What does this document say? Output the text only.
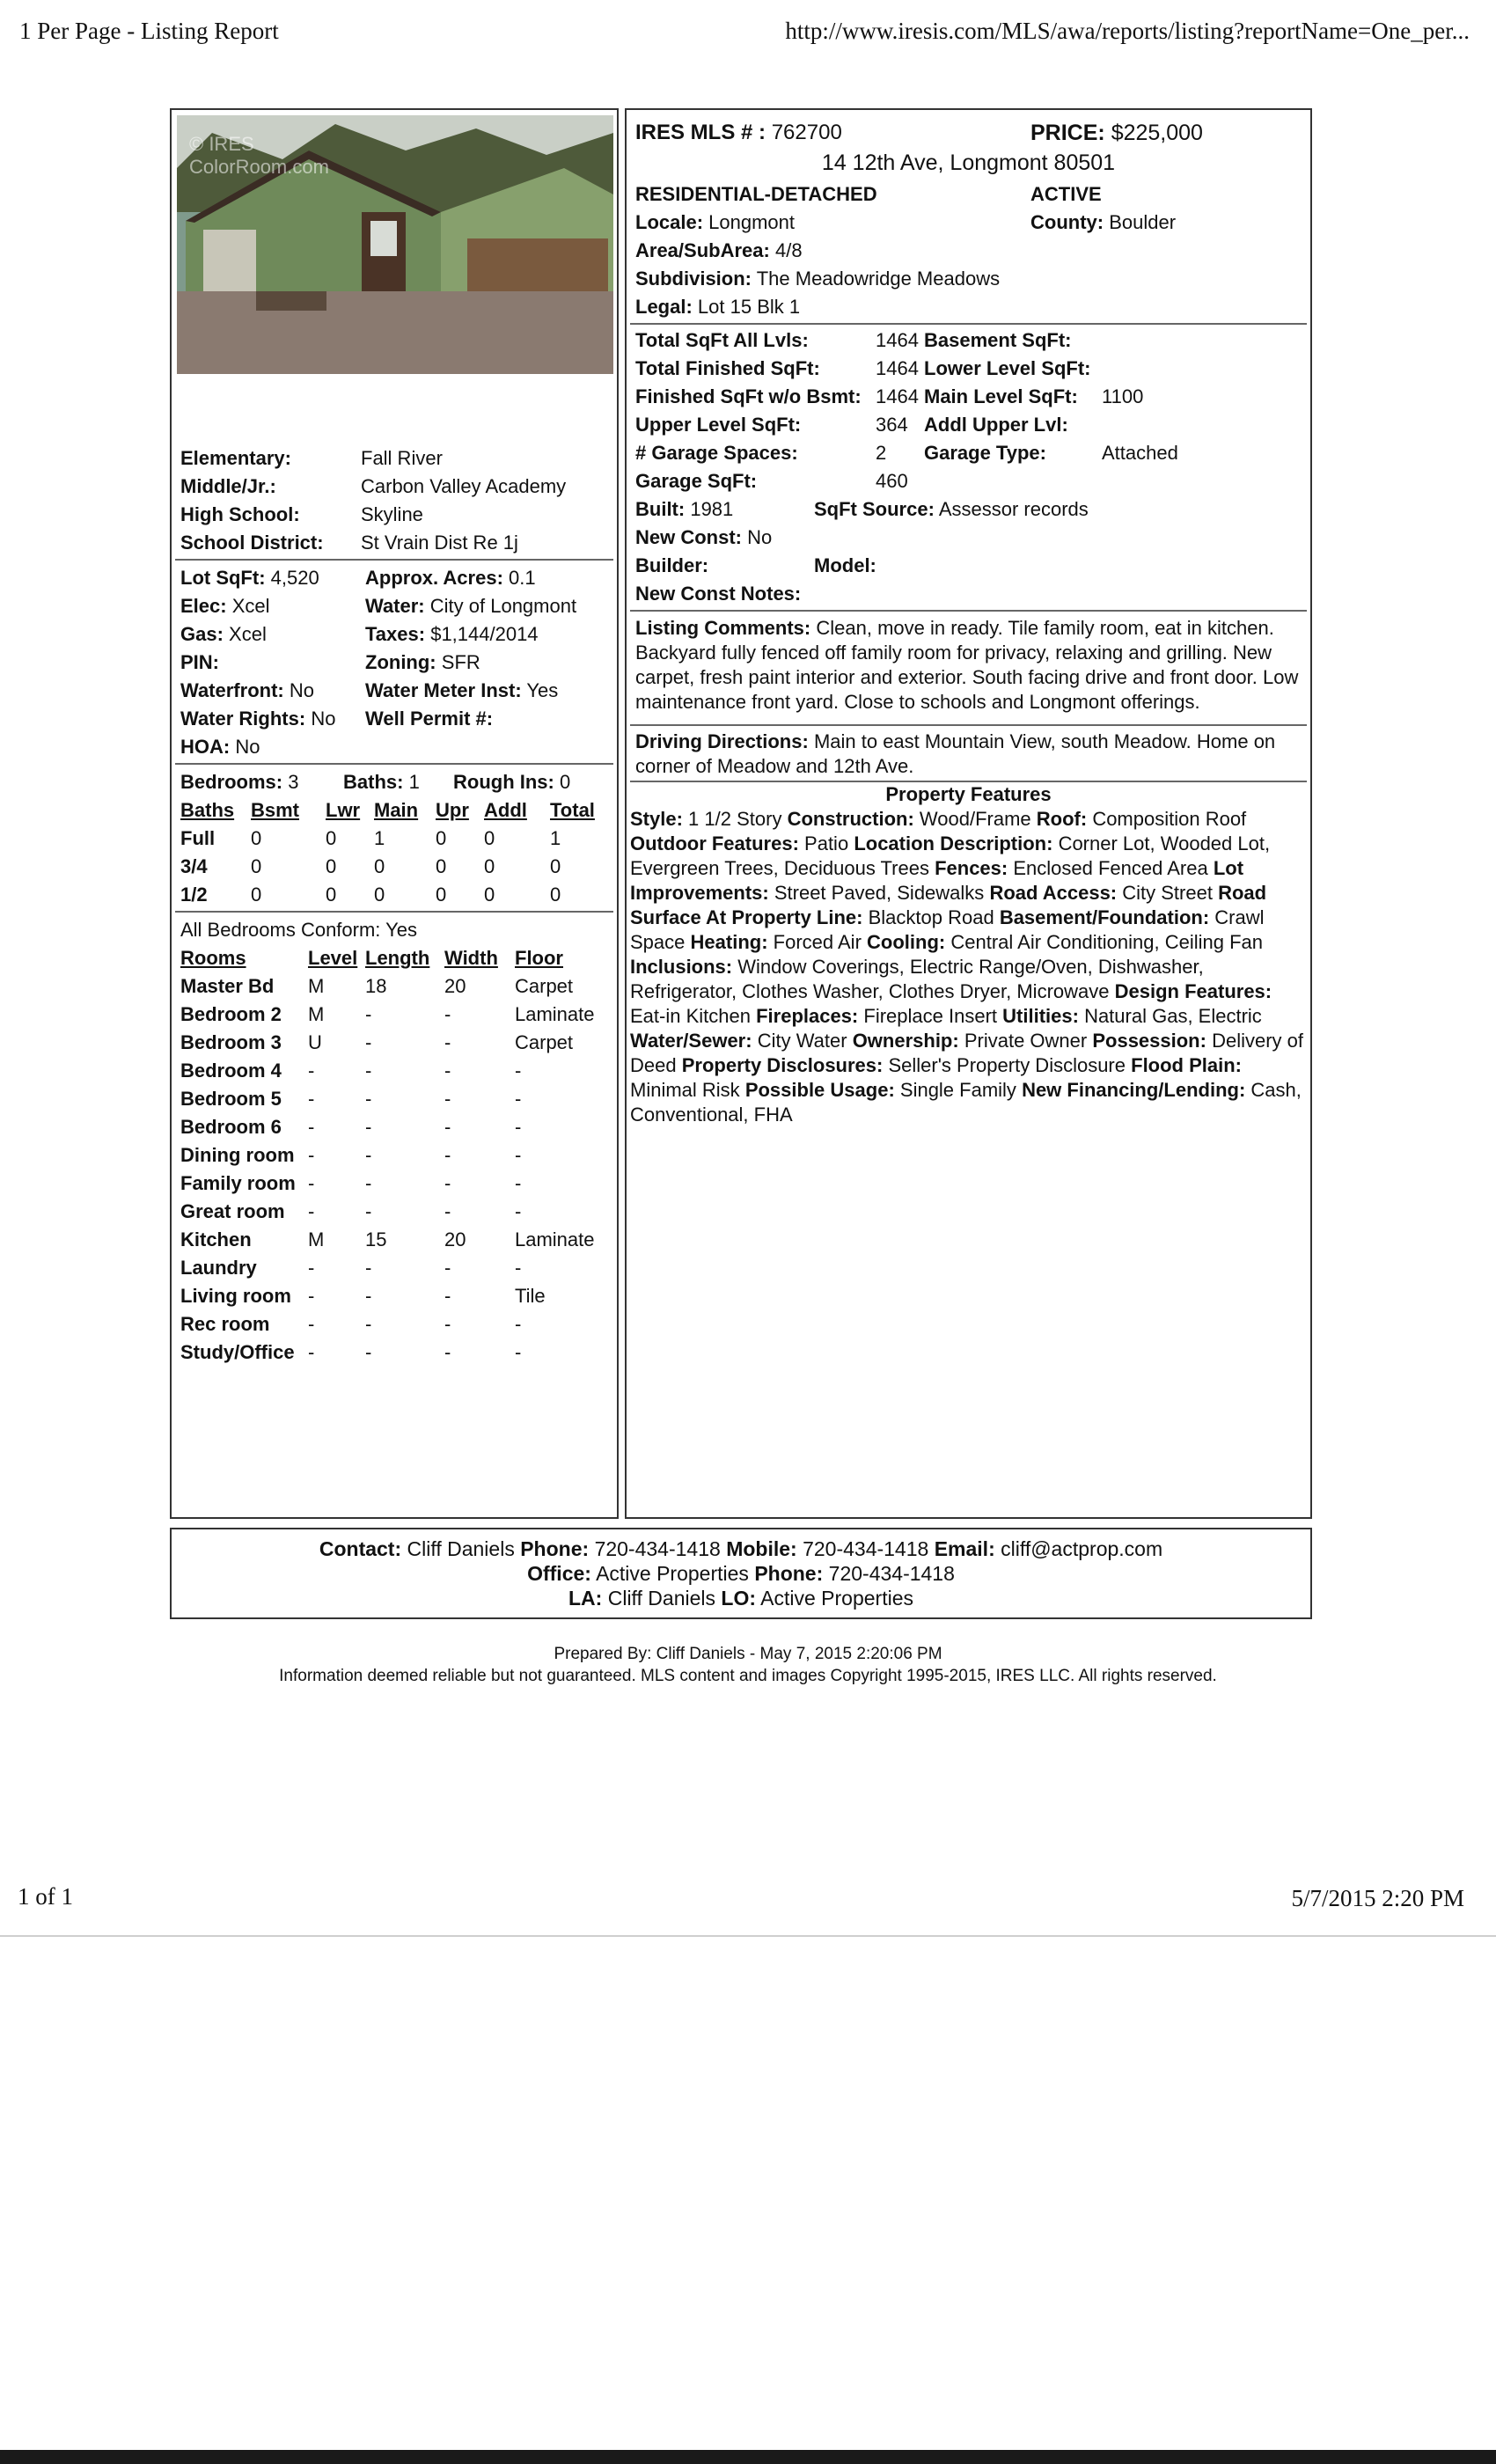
1 Per Page - Listing Report	http://www.iresis.com/MLS/awa/reports/listing?reportName=One_per...
© IRES
ColorRoom.com
Elementary:	Fall River
Middle/Jr.:	Carbon Valley Academy
High School:	Skyline
School District: St Vrain Dist Re 1j
Lot SqFt: 4,520 Approx. Acres: 0.1
Elec: Xcel	Water: City of Longmont
Gas: Xcel	Taxes: $1,144/2014
PIN:	Zoning: SFR
Waterfront: No	Water Meter Inst: Yes
Water Rights: No Well Permit #:
HOA: No
Bedrooms: 3 Baths: 1 Rough Ins: 0
Baths Bsmt Lwr Main Upr Addl Total
Full 0	0 1	0 0	1
3/4 0	0 0	0 0	0
1/2 0	0 0	0 0	0
All Bedrooms Conform: Yes
Rooms	Level Length Width Floor
Master Bd M 18	20	Carpet
Bedroom 2 M -	-	Laminate
Bedroom 3 U -	-	Carpet
Bedroom 4 -	-	-	-
Bedroom 5 -	-	-	-
Bedroom 6 -	-	-	-
Dining room -	-	-	-
Family room -	-	-	-
Great room -	-	-	-
Kitchen	M 15	20	Laminate
Laundry	-	-	-	-
Living room -	-	-	Tile
Rec room -	-	-	-
Study/Office -	-	-	-
IRES MLS # : 762700	PRICE: $225,000
14 12th Ave, Longmont 80501
RESIDENTIAL-DETACHED	ACTIVE
Locale: Longmont	County: Boulder
Area/SubArea: 4/8
Subdivision: The Meadowridge Meadows
Legal: Lot 15 Blk 1
Total SqFt All Lvls:	1464 Basement SqFt:
Total Finished SqFt:	1464 Lower Level SqFt:
Finished SqFt w/o Bsmt: 1464 Main Level SqFt: 1100
Upper Level SqFt:	364 Addl Upper Lvl:
# Garage Spaces:	2 Garage Type:	Attached
Garage SqFt:	460
Built: 1981	SqFt Source: Assessor records
New Const: No
Builder:	Model:
New Const Notes:
Listing Comments: Clean, move in ready. Tile family room, eat in kitchen. Backyard fully fenced off family room for privacy, relaxing and grilling. New carpet, fresh paint interior and exterior. South facing drive and front door. Low maintenance front yard. Close to schools and Longmont offerings.
Driving Directions: Main to east Mountain View, south Meadow. Home on corner of Meadow and 12th Ave.
Property Features
Style: 1 1/2 Story Construction: Wood/Frame Roof: Composition Roof Outdoor Features: Patio Location Description: Corner Lot, Wooded Lot, Evergreen Trees, Deciduous Trees Fences: Enclosed Fenced Area Lot Improvements: Street Paved, Sidewalks Road Access: City Street Road Surface At Property Line: Blacktop Road Basement/Foundation: Crawl Space Heating: Forced Air Cooling: Central Air Conditioning, Ceiling Fan Inclusions: Window Coverings, Electric Range/Oven, Dishwasher, Refrigerator, Clothes Washer, Clothes Dryer, Microwave Design Features: Eat-in Kitchen Fireplaces: Fireplace Insert Utilities: Natural Gas, Electric Water/Sewer: City Water Ownership: Private Owner Possession: Delivery of Deed Property Disclosures: Seller's Property Disclosure Flood Plain: Minimal Risk Possible Usage: Single Family New Financing/Lending: Cash, Conventional, FHA
Contact: Cliff Daniels Phone: 720-434-1418 Mobile: 720-434-1418 Email: cliff@actprop.com
Office: Active Properties Phone: 720-434-1418
LA: Cliff Daniels LO: Active Properties
Prepared By: Cliff Daniels - May 7, 2015 2:20:06 PM
Information deemed reliable but not guaranteed. MLS content and images Copyright 1995-2015, IRES LLC. All rights reserved.
1 of 1	5/7/2015 2:20 PM
